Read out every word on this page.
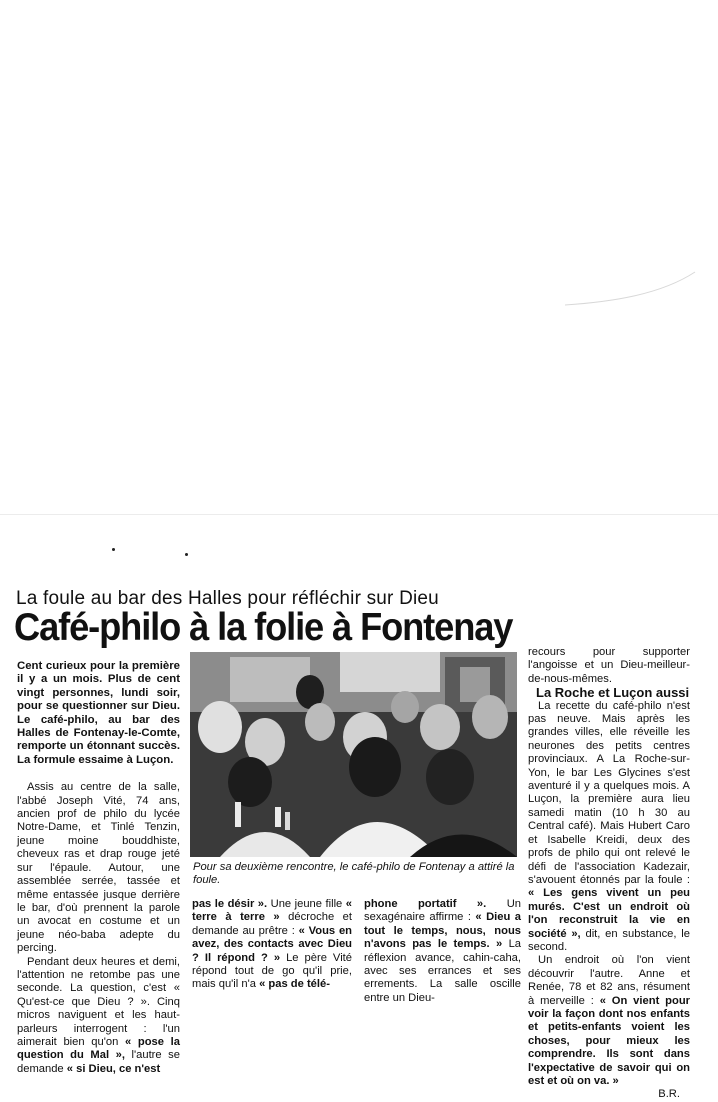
La foule au bar des Halles pour réfléchir sur Dieu
Café-philo à la folie à Fontenay

Cent curieux pour la première il y a un mois. Plus de cent vingt personnes, lundi soir, pour se questionner sur Dieu. Le café-philo, au bar des Halles de Fontenay-le-Comte, remporte un étonnant succès. La formule essaime à Luçon.

Assis au centre de la salle, l'abbé Joseph Vité, 74 ans, ancien prof de philo du lycée Notre-Dame, et Tinlé Tenzin, jeune moine bouddhiste, cheveux ras et drap rouge jeté sur l'épaule. Autour, une assemblée serrée, tassée et même entassée jusque derrière le bar, d'où prennent la parole un avocat en costume et un jeune néo-baba adepte du percing.

Pendant deux heures et demi, l'attention ne retombe pas une seconde. La question, c'est « Qu'est-ce que Dieu ? ». Cinq micros naviguent et les haut-parleurs interrogent : l'un aimerait bien qu'on « pose la question du Mal », l'autre se demande « si Dieu, ce n'est

Pour sa deuxième rencontre, le café-philo de Fontenay a attiré la foule.

pas le désir ». Une jeune fille « terre à terre » décroche et demande au prêtre : « Vous en avez, des contacts avec Dieu ? Il répond ? » Le père Vité répond tout de go qu'il prie, mais qu'il n'a « pas de télé-

phone portatif ». Un sexagénaire affirme : « Dieu a tout le temps, nous, nous n'avons pas le temps. » La réflexion avance, cahin-caha, avec ses errances et ses errements. La salle oscille entre un Dieu-

recours pour supporter l'angoisse et un Dieu-meilleur-de-nous-mêmes.

La Roche et Luçon aussi

La recette du café-philo n'est pas neuve. Mais après les grandes villes, elle réveille les neurones des petits centres provinciaux. A La Roche-sur-Yon, le bar Les Glycines s'est aventuré il y a quelques mois. A Luçon, la première aura lieu samedi matin (10 h 30 au Central café). Mais Hubert Caro et Isabelle Kreidi, deux des profs de philo qui ont relevé le défi de l'association Kadezair, s'avouent étonnés par la foule : « Les gens vivent un peu murés. C'est un endroit où l'on reconstruit la vie en société », dit, en substance, le second.

Un endroit où l'on vient découvrir l'autre. Anne et Renée, 78 et 82 ans, résument à merveille : « On vient pour voir la façon dont nos enfants et petits-enfants voient les choses, pour mieux les comprendre. Ils sont dans l'expectative de savoir qui on est et où on va. »

B.R.
